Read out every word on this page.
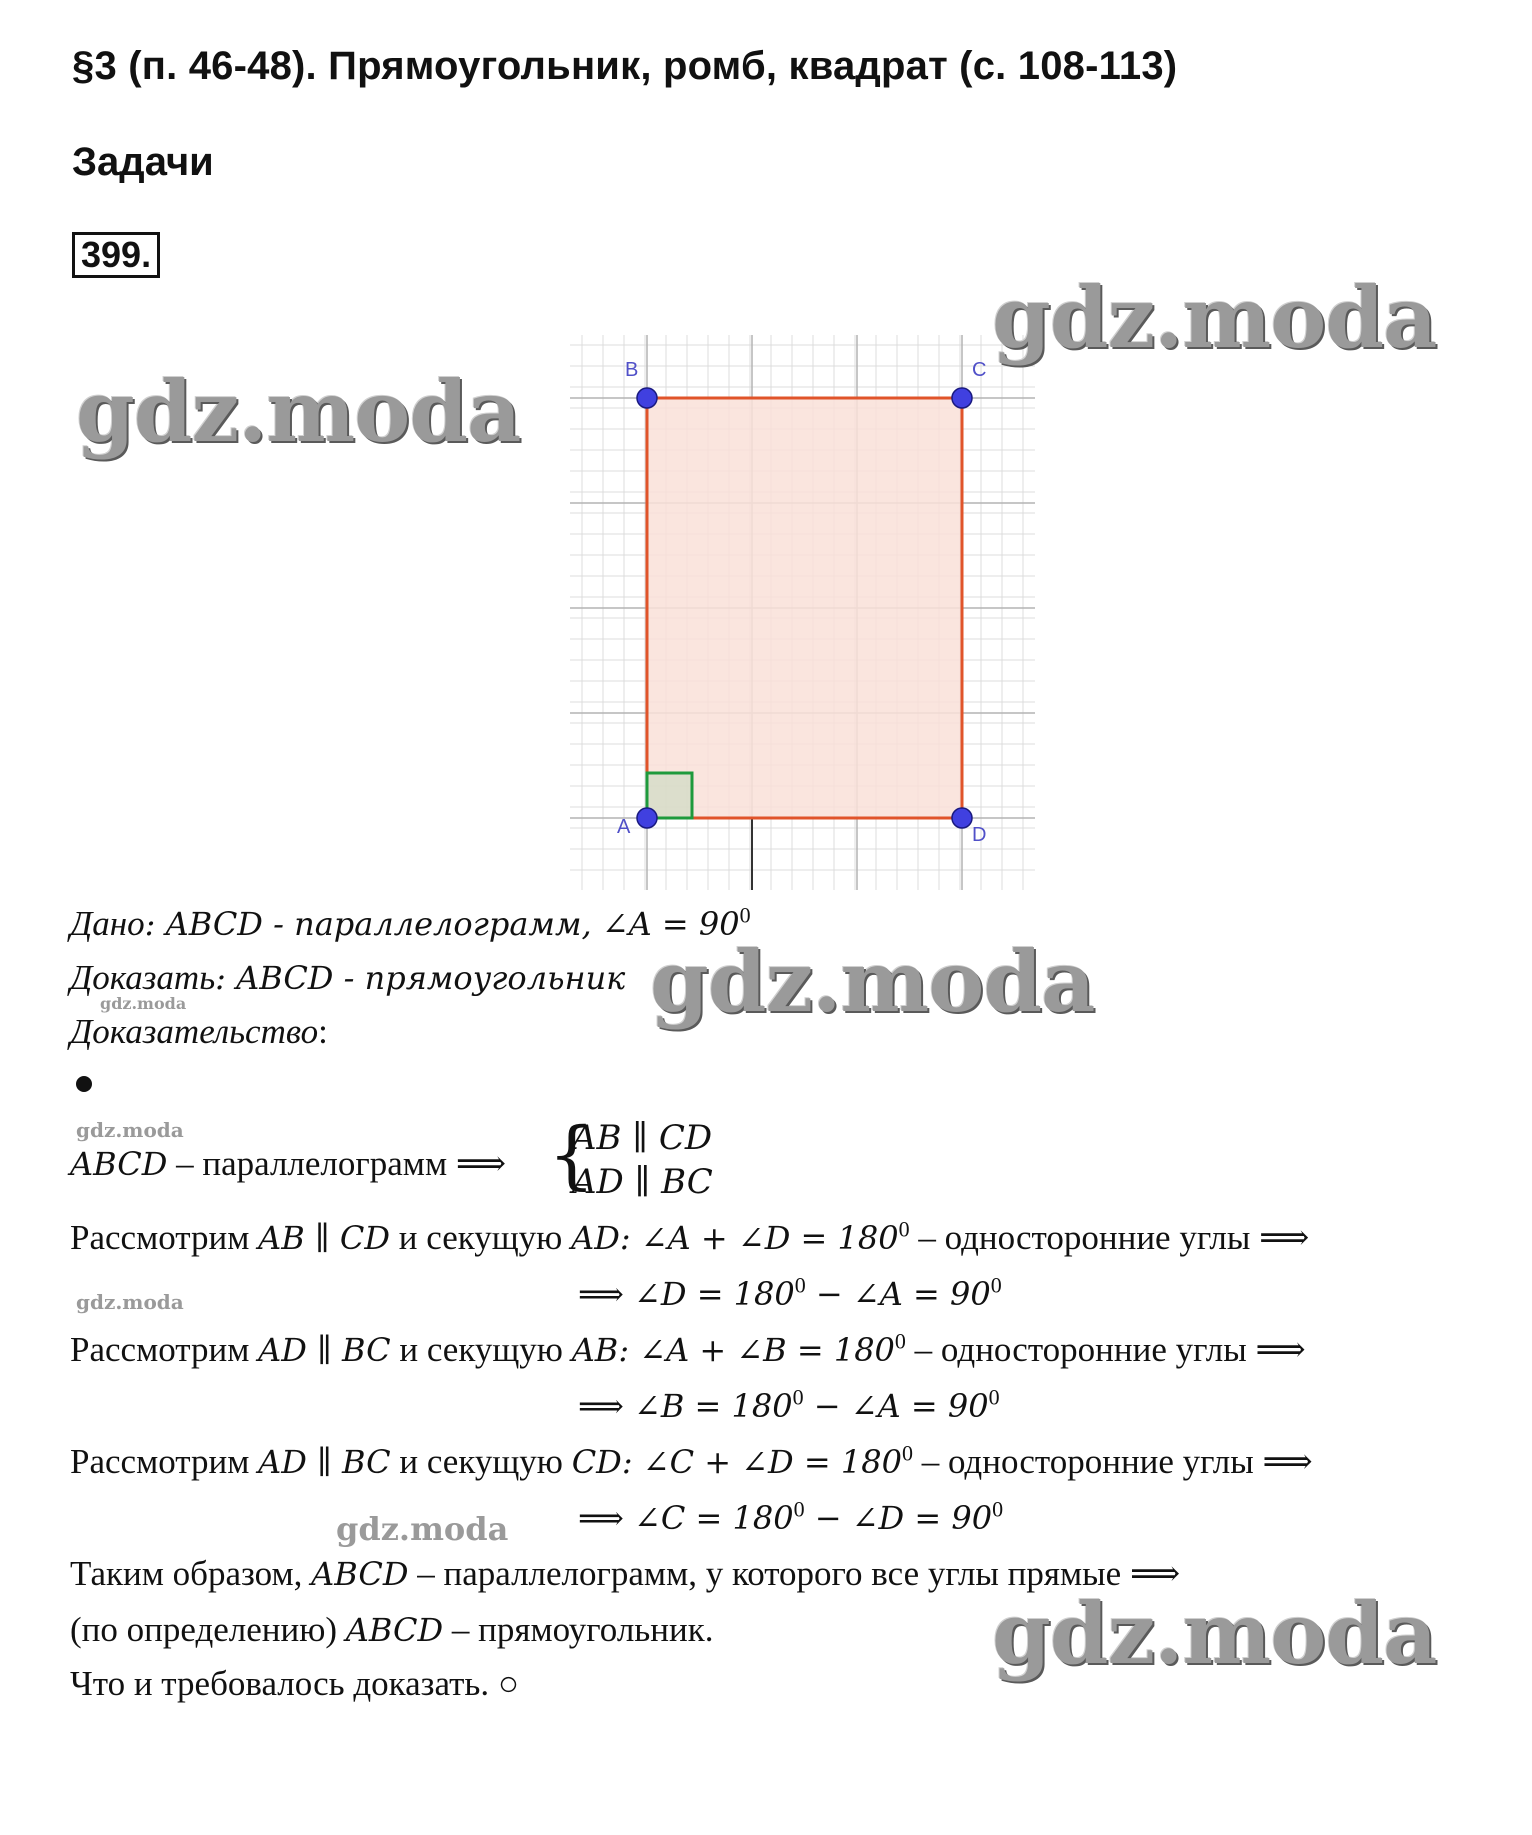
§3 (п. 46-48). Прямоугольник, ромб, квадрат (с. 108-113)
Задачи
399.
B	C
A	D
Дано: ABCD - параллелограмм, ∠A = $90^0$
Доказать: ABCD - прямоугольник
Доказательство:
ABCD – параллелограмм ⟹ {
AB ∥ CD
AD ∥ BC
Рассмотрим AB ∥ CD и секущую AD: ∠A + ∠D = $180^0$ – односторонние углы ⟹
⟹ ∠D = $180^0$ − ∠A = $90^0$
Рассмотрим AD ∥ BC и секущую AB: ∠A + ∠B = $180^0$ – односторонние углы ⟹
⟹ ∠B = $180^0$ − ∠A = $90^0$
Рассмотрим AD ∥ BC и секущую CD: ∠C + ∠D = $180^0$ – односторонние углы ⟹
⟹ ∠C = $180^0$ − ∠D = $90^0$
Таким образом, ABCD – параллелограмм, у которого все углы прямые ⟹
(по определению) ABCD – прямоугольник.
Что и требовалось доказать. ○
gdz.moda
gdz.moda
gdz.moda
gdz.moda
gdz.moda
gdz.moda
gdz.moda
gdz.moda
